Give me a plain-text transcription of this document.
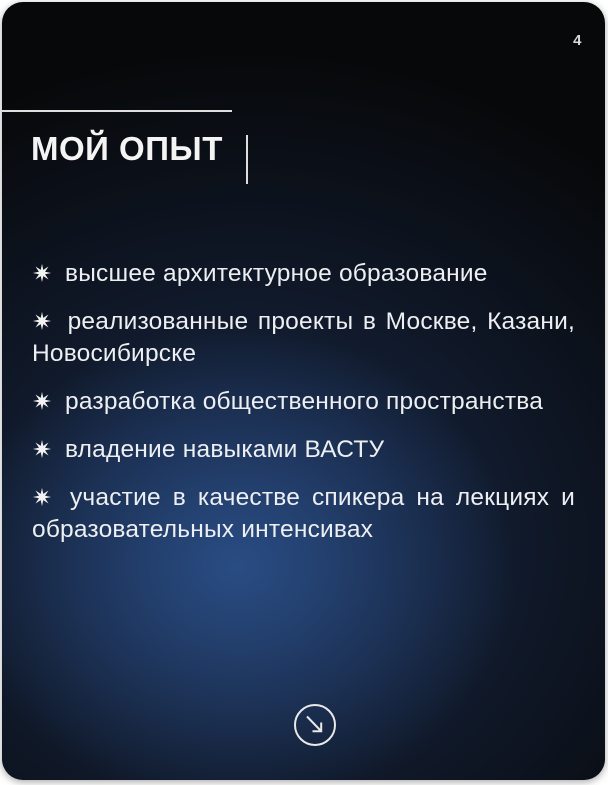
4
МОЙ ОПЫТ
высшее архитектурное образование
реализованные проекты в Москве, Казани,
Новосибирске
разработка общественного пространства
владение навыками ВАСТУ
участие в качестве спикера на лекциях и
образовательных интенсивах
